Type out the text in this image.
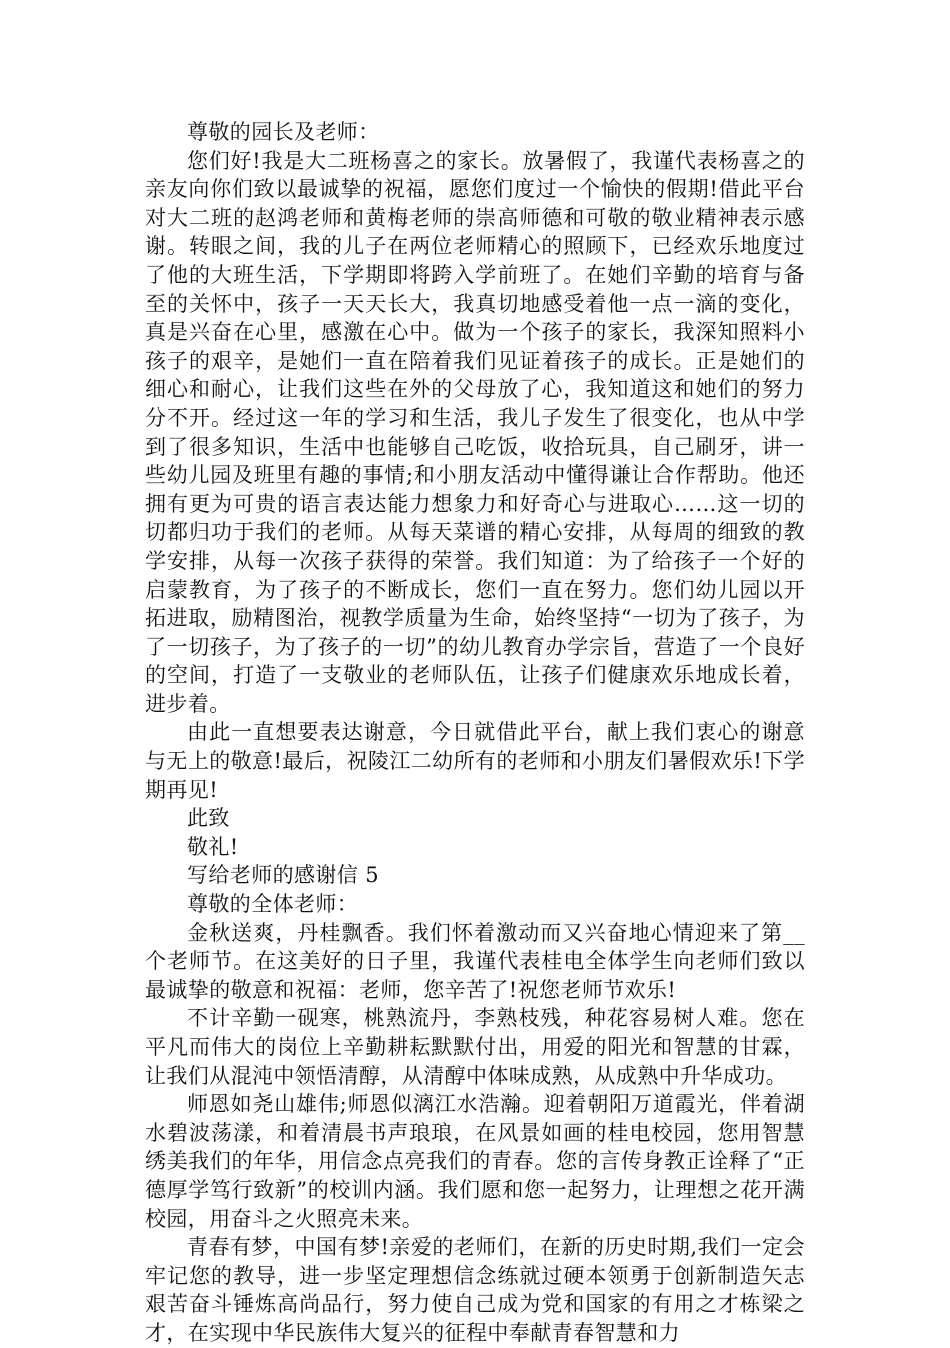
尊敬的园长及老师：

您们好!我是大二班杨喜之的家长。放暑假了，我谨代表杨喜之的亲友向你们致以最诚挚的祝福，愿您们度过一个愉快的假期!借此平台对大二班的赵鸿老师和黄梅老师的崇高师德和可敬的敬业精神表示感谢。转眼之间，我的儿子在两位老师精心的照顾下，已经欢乐地度过了他的大班生活，下学期即将跨入学前班了。在她们辛勤的培育与备至的关怀中，孩子一天天长大，我真切地感受着他一点一滴的变化，真是兴奋在心里，感激在心中。做为一个孩子的家长，我深知照料小孩子的艰辛，是她们一直在陪着我们见证着孩子的成长。正是她们的细心和耐心，让我们这些在外的父母放了心，我知道这和她们的努力分不开。经过这一年的学习和生活，我儿子发生了很变化，也从中学到了很多知识，生活中也能够自己吃饭，收拾玩具，自己刷牙，讲一些幼儿园及班里有趣的事情;和小朋友活动中懂得谦让合作帮助。他还拥有更为可贵的语言表达能力想象力和好奇心与进取心……这一切的切都归功于我们的老师。从每天菜谱的精心安排，从每周的细致的教学安排，从每一次孩子获得的荣誉。我们知道：为了给孩子一个好的启蒙教育，为了孩子的不断成长，您们一直在努力。您们幼儿园以开拓进取，励精图治，视教学质量为生命，始终坚持“一切为了孩子，为了一切孩子，为了孩子的一切”的幼儿教育办学宗旨，营造了一个良好的空间，打造了一支敬业的老师队伍，让孩子们健康欢乐地成长着，进步着。

由此一直想要表达谢意，今日就借此平台，献上我们衷心的谢意与无上的敬意!最后，祝陵江二幼所有的老师和小朋友们暑假欢乐!下学期再见!

此致

敬礼!

写给老师的感谢信 5

尊敬的全体老师：

金秋送爽，丹桂飘香。我们怀着激动而又兴奋地心情迎来了第__个老师节。在这美好的日子里，我谨代表桂电全体学生向老师们致以最诚挚的敬意和祝福：老师，您辛苦了!祝您老师节欢乐!

不计辛勤一砚寒，桃熟流丹，李熟枝残，种花容易树人难。您在平凡而伟大的岗位上辛勤耕耘默默付出，用爱的阳光和智慧的甘霖，让我们从混沌中领悟清醇，从清醇中体味成熟，从成熟中升华成功。

师恩如尧山雄伟;师恩似漓江水浩瀚。迎着朝阳万道霞光，伴着湖水碧波荡漾，和着清晨书声琅琅，在风景如画的桂电校园，您用智慧绣美我们的年华，用信念点亮我们的青春。您的言传身教正诠释了“正德厚学笃行致新”的校训内涵。我们愿和您一起努力，让理想之花开满校园，用奋斗之火照亮未来。

青春有梦，中国有梦!亲爱的老师们，在新的历史时期,我们一定会牢记您的教导，进一步坚定理想信念练就过硬本领勇于创新制造矢志艰苦奋斗锤炼高尚品行，努力使自己成为党和国家的有用之才栋梁之才，在实现中华民族伟大复兴的征程中奉献青春智慧和力
